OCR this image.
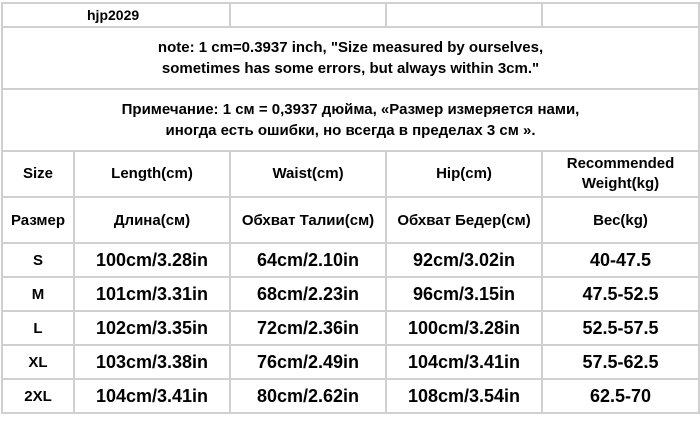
hjp2029				

note: 1 cm=0.3937 inch, "Size measured by ourselves,
sometimes has some errors, but always within 3cm."				

Примечание: 1 см = 0,3937 дюйма, «Размер измеряется нами,
иногда есть ошибки, но всегда в пределах 3 см ».				

Size	Length(cm)	Waist(cm)	Hip(cm)	Recommended
Weight(kg)

Размер	Длина(см)	Обхват Талии(см)	Обхват Бедер(см)	Вес(kg)
S	100cm/3.28in	64cm/2.10in	92cm/3.02in	40-47.5
M	101cm/3.31in	68cm/2.23in	96cm/3.15in	47.5-52.5
L	102cm/3.35in	72cm/2.36in	100cm/3.28in	52.5-57.5
XL	103cm/3.38in	76cm/2.49in	104cm/3.41in	57.5-62.5
2XL	104cm/3.41in	80cm/2.62in	108cm/3.54in	62.5-70
